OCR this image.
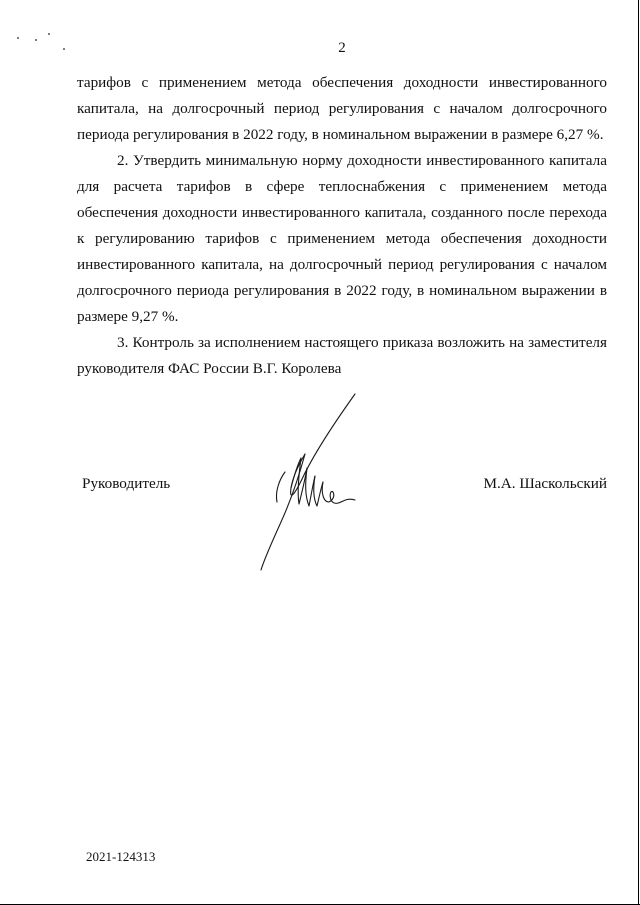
2

тарифов с применением метода обеспечения доходности инвестированного капитала, на долгосрочный период регулирования с началом долгосрочного периода регулирования в 2022 году, в номинальном выражении в размере 6,27 %.

2. Утвердить минимальную норму доходности инвестированного капитала для расчета тарифов в сфере теплоснабжения с применением метода обеспечения доходности инвестированного капитала, созданного после перехода к регулированию тарифов с применением метода обеспечения доходности инвестированного капитала, на долгосрочный период регулирования с началом долгосрочного периода регулирования в 2022 году, в номинальном выражении в размере 9,27 %.

3. Контроль за исполнением настоящего приказа возложить на заместителя руководителя ФАС России В.Г. Королева

Руководитель	М.А. Шаскольский
2021-124313
